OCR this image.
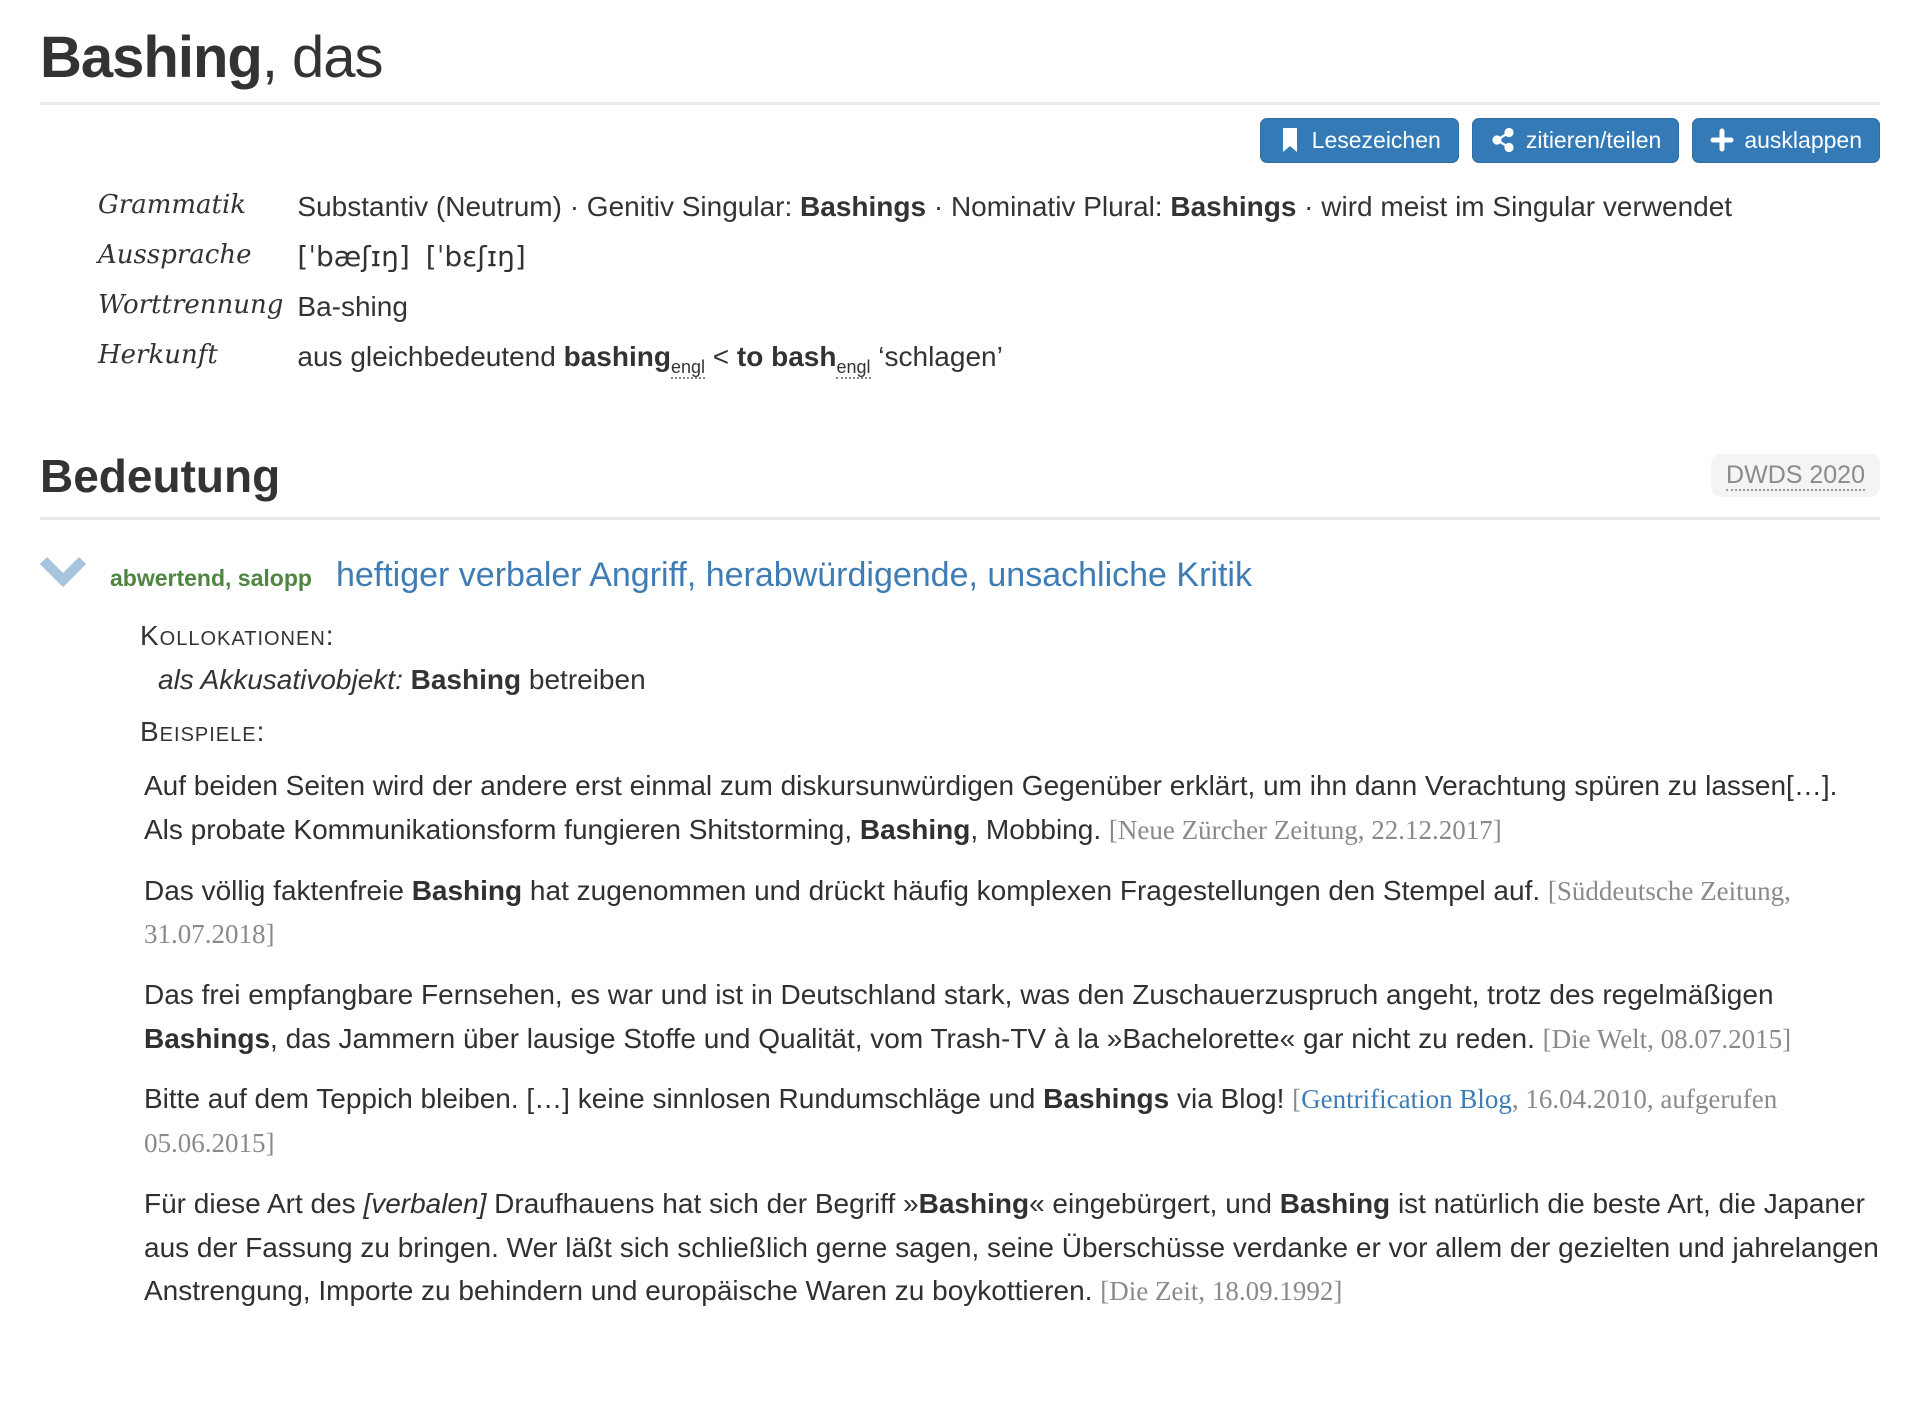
Bashing, das
Lesezeichen	zitieren/teilen	ausklappen
Grammatik	Substantiv (Neutrum) · Genitiv Singular: Bashings · Nominativ Plural: Bashings · wird meist im Singular verwendet
Aussprache	[ˈbæʃɪŋ] [ˈbɛʃɪŋ]
Worttrennung	Ba-shing
Herkunft	aus gleichbedeutend bashing$_{engl}$ < to bash$_{engl}$ ‘schlagen’
Bedeutung	DWDS 2020
abwertend, salopp heftiger verbaler Angriff, herabwürdigende, unsachliche Kritik
Kollokationen:
als Akkusativobjekt: Bashing betreiben
Beispiele:

Auf beiden Seiten wird der andere erst einmal zum diskursunwürdigen Gegenüber erklärt, um ihn dann Verachtung spüren zu lassen[…]. Als probate Kommunikationsform fungieren Shitstorming, Bashing, Mobbing. [Neue Zürcher Zeitung, 22.12.2017]

Das völlig faktenfreie Bashing hat zugenommen und drückt häufig komplexen Fragestellungen den Stempel auf. [Süddeutsche Zeitung, 31.07.2018]

Das frei empfangbare Fernsehen, es war und ist in Deutschland stark, was den Zuschauerzuspruch angeht, trotz des regelmäßigen Bashings, das Jammern über lausige Stoffe und Qualität, vom Trash-TV à la »Bachelorette« gar nicht zu reden. [Die Welt, 08.07.2015]

Bitte auf dem Teppich bleiben. […] keine sinnlosen Rundumschläge und Bashings via Blog! [Gentrification Blog, 16.04.2010, aufgerufen 05.06.2015]

Für diese Art des [verbalen] Draufhauens hat sich der Begriff »Bashing« eingebürgert, und Bashing ist natürlich die beste Art, die Japaner aus der Fassung zu bringen. Wer läßt sich schließlich gerne sagen, seine Überschüsse verdanke er vor allem der gezielten und jahrelangen Anstrengung, Importe zu behindern und europäische Waren zu boykottieren. [Die Zeit, 18.09.1992]
